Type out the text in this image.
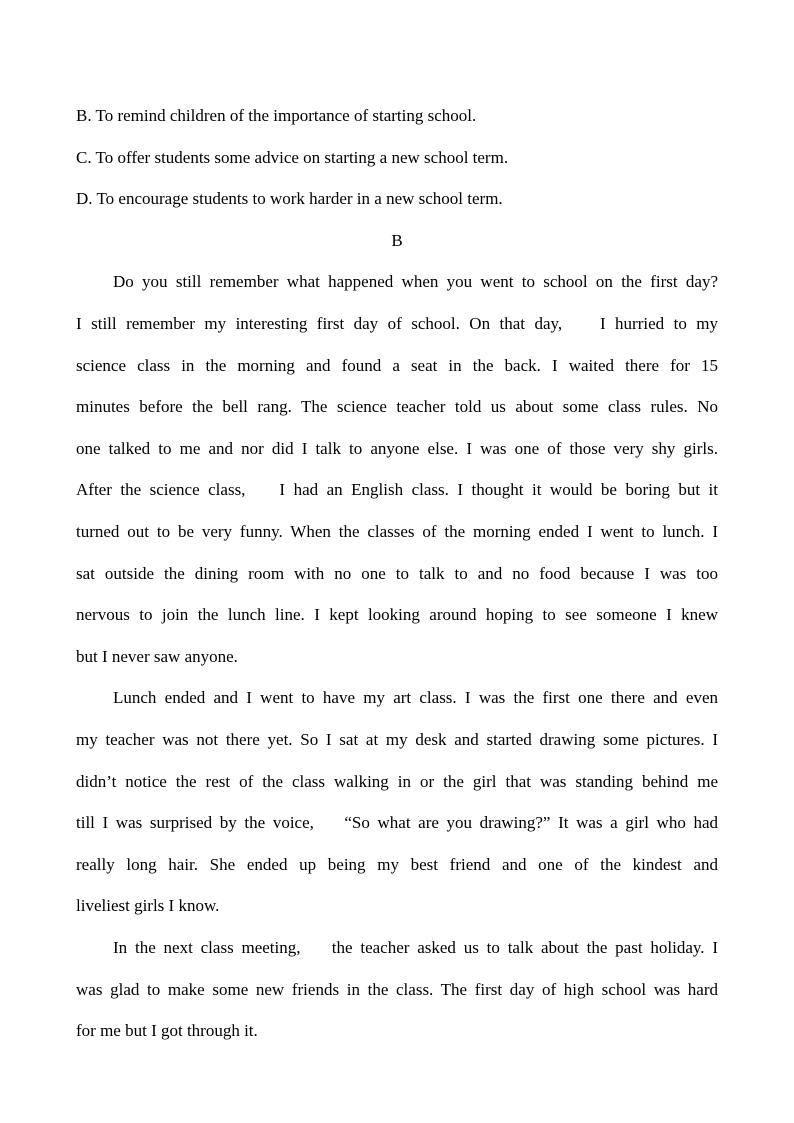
B. To remind children of the importance of starting school.
C. To offer students some advice on starting a new school term.
D. To encourage students to work harder in a new school term.
B
Do you still remember what happened when you went to school on the first day?
I still remember my interesting first day of school. On that day,    I hurried to my
science class in the morning and found a seat in the back. I waited there for 15
minutes before the bell rang. The science teacher told us about some class rules. No
one talked to me and nor did I talk to anyone else. I was one of those very shy girls.
After the science class,    I had an English class. I thought it would be boring but it
turned out to be very funny. When the classes of the morning ended I went to lunch. I
sat outside the dining room with no one to talk to and no food because I was too
nervous to join the lunch line. I kept looking around hoping to see someone I knew
but I never saw anyone.
Lunch ended and I went to have my art class. I was the first one there and even
my teacher was not there yet. So I sat at my desk and started drawing some pictures. I
didn’t notice the rest of the class walking in or the girl that was standing behind me
till I was surprised by the voice,    “So what are you drawing?” It was a girl who had
really long hair. She ended up being my best friend and one of the kindest and
liveliest girls I know.
In the next class meeting,    the teacher asked us to talk about the past holiday. I
was glad to make some new friends in the class. The first day of high school was hard
for me but I got through it.
